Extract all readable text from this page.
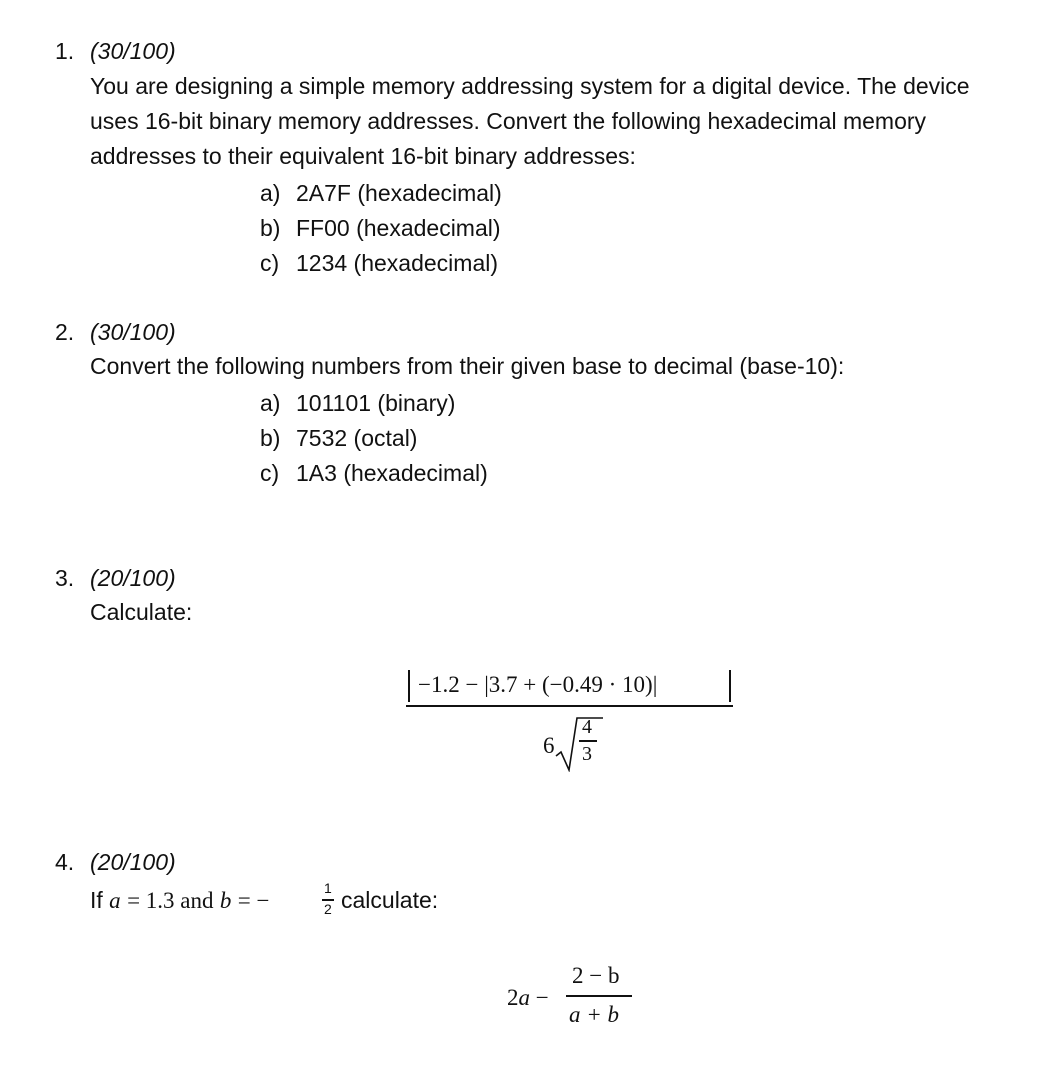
1. (30/100)
You are designing a simple memory addressing system for a digital device. The device
uses 16-bit binary memory addresses. Convert the following hexadecimal memory
addresses to their equivalent 16-bit binary addresses:
a) 2A7F (hexadecimal)
b) FF00 (hexadecimal)
c) 1234 (hexadecimal)
2. (30/100)
Convert the following numbers from their given base to decimal (base-10):
a) 101101 (binary)
b) 7532 (octal)
c) 1A3 (hexadecimal)
3. (20/100)
Calculate:
−1.2 − |3.7 + (−0.49 · 10)|
6
4
3
4. (20/100)
If a = 1.3 and b = −	1
2 calculate:
2a −
2 − b
a + b
